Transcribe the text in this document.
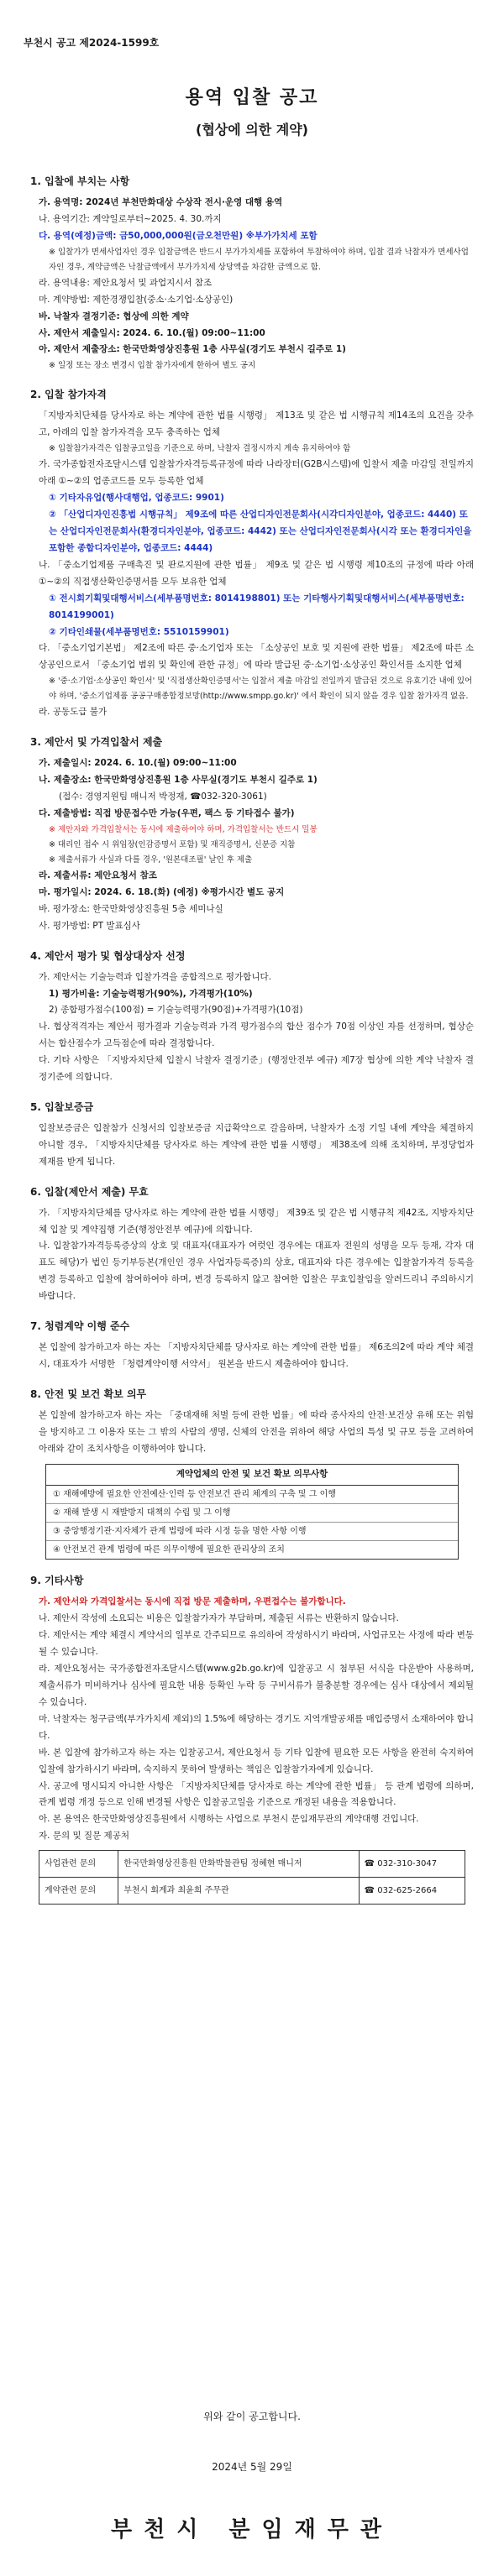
부천시 공고 제2024-1599호
용역 입찰 공고
(협상에 의한 계약)
1. 입찰에 부치는 사항
가. 용역명: 2024년 부천만화대상 수상작 전시·운영 대행 용역
나. 용역기간: 계약일로부터~2025. 4. 30.까지
다. 용역(예정)금액: 금50,000,000원(금오천만원) ※부가가치세 포함
※ 입찰가가 면세사업자인 경우 입찰금액은 반드시 부가가치세를 포함하여 투찰하여야 하며, 입찰 결과 낙찰자가 면세사업자인 경우, 계약금액은 낙찰금액에서 부가가치세 상당액을 차감한 금액으로 함.
라. 용역내용: 제안요청서 및 과업지시서 참조
마. 계약방법: 제한경쟁입찰(중소·소기업·소상공인)
바. 낙찰자 결정기준: 협상에 의한 계약
사. 제안서 제출일시: 2024. 6. 10.(월) 09:00~11:00
아. 제안서 제출장소: 한국만화영상진흥원 1층 사무실(경기도 부천시 길주로 1)
※ 일정 또는 장소 변경시 입찰 참가자에게 한하여 별도 공지
2. 입찰 참가자격
「지방자치단체를 당사자로 하는 계약에 관한 법률 시행령」 제13조 및 같은 법 시행규칙 제14조의 요건을 갖추고, 아래의 입찰 참가자격을 모두 충족하는 업체
※ 입찰참가자격은 입찰공고일을 기준으로 하며, 낙찰자 결정시까지 계속 유지하여야 함
가. 국가종합전자조달시스템 입찰참가자격등록규정에 따라 나라장터(G2B시스템)에 입찰서 제출 마감일 전일까지 아래 ①~②의 업종코드를 모두 등록한 업체
① 기타자유업(행사대행업, 업종코드: 9901)
② 「산업디자인진흥법 시행규칙」 제9조에 따른 산업디자인전문회사(시각디자인분야, 업종코드: 4440) 또는 산업디자인전문회사(환경디자인분야, 업종코드: 4442) 또는 산업디자인전문회사(시각 또는 환경디자인을 포함한 종합디자인분야, 업종코드: 4444)
나. 「중소기업제품 구매촉진 및 판로지원에 관한 법률」 제9조 및 같은 법 시행령 제10조의 규정에 따라 아래 ①~②의 직접생산확인증명서를 모두 보유한 업체
① 전시회기획및대행서비스(세부품명번호: 8014198801) 또는 기타행사기획및대행서비스(세부품명번호: 8014199001)
② 기타인쇄물(세부품명번호: 5510159901)
다. 「중소기업기본법」 제2조에 따른 중·소기업자 또는 「소상공인 보호 및 지원에 관한 법률」 제2조에 따른 소상공인으로서 「중소기업 범위 및 확인에 관한 규정」에 따라 발급된 중·소기업·소상공인 확인서를 소지한 업체
※ '중·소기업·소상공인 확인서' 및 '직접생산확인증명서'는 입찰서 제출 마감일 전일까지 발급된 것으로 유효기간 내에 있어야 하며, '중소기업제품 공공구매종합정보망(http://www.smpp.go.kr)' 에서 확인이 되지 않을 경우 입찰 참가자격 없음.
라. 공동도급 불가
3. 제안서 및 가격입찰서 제출
가. 제출일시: 2024. 6. 10.(월) 09:00~11:00
나. 제출장소: 한국만화영상진흥원 1층 사무실(경기도 부천시 길주로 1)
(접수: 경영지원팀 매니저 박정재, ☎032-320-3061)
다. 제출방법: 직접 방문접수만 가능(우편, 팩스 등 기타접수 불가)
※ 제안자와 가격입찰서는 동시에 제출하여야 하며, 가격입찰서는 반드시 밀봉
※ 대리인 접수 시 위임장(인감증명서 포함) 및 재직증명서, 신분증 지참
※ 제출서류가 사실과 다를 경우, '원본대조필' 날인 후 제출
라. 제출서류: 제안요청서 참조
마. 평가일시: 2024. 6. 18.(화) (예정) ※평가시간 별도 공지
바. 평가장소: 한국만화영상진흥원 5층 세미나실
사. 평가방법: PT 발표심사
4. 제안서 평가 및 협상대상자 선정
가. 제안서는 기술능력과 입찰가격을 종합적으로 평가합니다.
1) 평가비율: 기술능력평가(90%), 가격평가(10%)
2) 종합평가점수(100점) = 기술능력평가(90점)+가격평가(10점)
나. 협상적격자는 제안서 평가결과 기술능력과 가격 평가점수의 합산 점수가 70점 이상인 자를 선정하며, 협상순서는 합산점수가 고득점순에 따라 결정합니다.
다. 기타 사항은 「지방자치단체 입찰시 낙찰자 결정기준」(행정안전부 예규) 제7장 협상에 의한 계약 낙찰자 결정기준에 의합니다.
5. 입찰보증금
입찰보증금은 입찰참가 신청서의 입찰보증금 지급확약으로 갈음하며, 낙찰자가 소정 기일 내에 계약을 체결하지 아니할 경우, 「지방자치단체를 당사자로 하는 계약에 관한 법률 시행령」 제38조에 의해 조치하며, 부정당업자 제재를 받게 됩니다.
6. 입찰(제안서 제출) 무효
가. 「지방자치단체를 당사자로 하는 계약에 관한 법률 시행령」 제39조 및 같은 법 시행규칙 제42조, 지방자치단체 입찰 및 계약집행 기준(행정안전부 예규)에 의합니다.
나. 입찰참가자격등록증상의 상호 및 대표자(대표자가 여럿인 경우에는 대표자 전원의 성명을 모두 등재, 각자 대표도 해당)가 법인 등기부등본(개인인 경우 사업자등록증)의 상호, 대표자와 다른 경우에는 입찰참가자격 등록을 변경 등록하고 입찰에 참여하여야 하며, 변경 등록하지 않고 참여한 입찰은 무효입찰임을 알려드리니 주의하시기 바랍니다.
7. 청렴계약 이행 준수
본 입찰에 참가하고자 하는 자는 「지방자치단체를 당사자로 하는 계약에 관한 법률」 제6조의2에 따라 계약 체결 시, 대표자가 서명한 「청렴계약이행 서약서」 원본을 반드시 제출하여야 합니다.
8. 안전 및 보건 확보 의무
본 입찰에 참가하고자 하는 자는 「중대재해 처벌 등에 관한 법률」에 따라 종사자의 안전·보건상 유해 또는 위험을 방지하고 그 이용자 또는 그 밖의 사람의 생명, 신체의 안전을 위하여 해당 사업의 특성 및 규모 등을 고려하여 아래와 같이 조치사항을 이행하여야 합니다.
계약업체의 안전 및 보건 확보 의무사항
① 재해예방에 필요한 안전예산·인력 등 안전보건 관리 체계의 구축 및 그 이행
② 재해 발생 시 재발방지 대책의 수립 및 그 이행
③ 중앙행정기관·지자체가 관계 법령에 따라 시정 등을 명한 사항 이행
④ 안전보건 관계 법령에 따른 의무이행에 필요한 관리상의 조치
9. 기타사항
가. 제안서와 가격입찰서는 동시에 직접 방문 제출하며, 우편접수는 불가합니다.
나. 제안서 작성에 소요되는 비용은 입찰참가자가 부담하며, 제출된 서류는 반환하지 않습니다.
다. 제안서는 계약 체결시 계약서의 일부로 간주되므로 유의하여 작성하시기 바라며, 사업규모는 사정에 따라 변동될 수 있습니다.
라. 제안요청서는 국가종합전자조달시스템(www.g2b.go.kr)에 입찰공고 시 첨부된 서식을 다운받아 사용하며, 제출서류가 미비하거나 심사에 필요한 내용 등확인 누락 등 구비서류가 불충분할 경우에는 심사 대상에서 제외될 수 있습니다.
마. 낙찰자는 청구금액(부가가치세 제외)의 1.5%에 해당하는 경기도 지역개발공채를 매입증명서 소재하여야 합니다.
바. 본 입찰에 참가하고자 하는 자는 입찰공고서, 제안요청서 등 기타 입찰에 필요한 모든 사항을 완전히 숙지하여 입찰에 참가하시기 바라며, 숙지하지 못하여 발생하는 책임은 입찰참가자에게 있습니다.
사. 공고에 명시되지 아니한 사항은 「지방자치단체를 당사자로 하는 계약에 관한 법률」 등 관계 법령에 의하며, 관계 법령 개정 등으로 인해 변경될 사항은 입찰공고일을 기준으로 개정된 내용을 적용합니다.
아. 본 용역은 한국만화영상진흥원에서 시행하는 사업으로 부천시 문임재무관의 계약대행 건입니다.
자. 문의 및 질문 제공처
사업관련 문의	한국만화영상진흥원 만화박물관팀 정혜현 매니저	☎ 032-310-3047
계약관련 문의	부천시 회계과 최윤희 주무관	☎ 032-625-2664
위와 같이 공고합니다.
2024년 5월 29일
부천시 분임재무관
